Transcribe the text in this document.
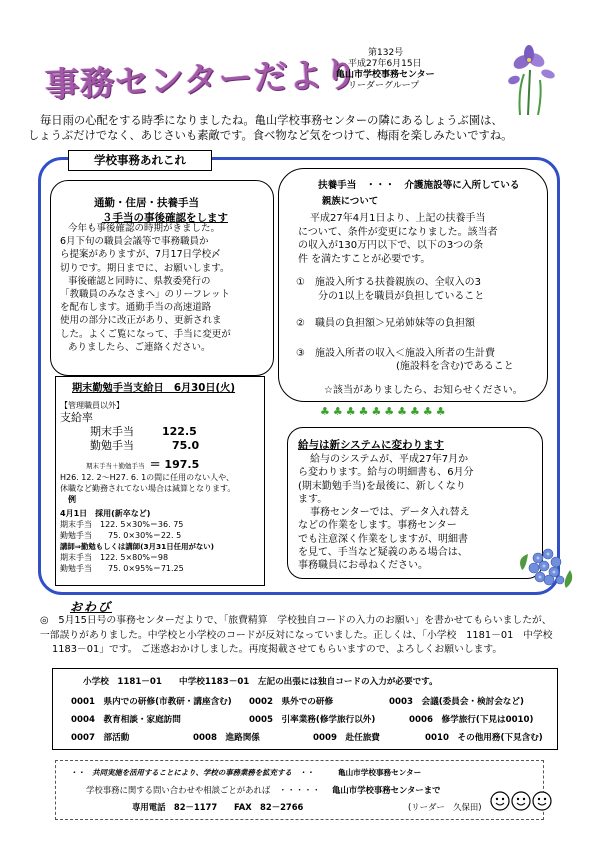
事務センターだより
第132号
平成27年6月15日
亀山市学校事務センター
リーダーグループ
毎日雨の心配をする時季になりましたね。亀山学校事務センターの隣にあるしょうぶ園は、
しょうぶだけでなく、あじさいも素敵です。食べ物など気をつけて、梅雨を楽しみたいですね。
学校事務あれこれ
通勤・住居・扶養手当
３手当の事後確認をします
今年も事後確認の時期がきました。
6月下旬の職員会議等で事務職員か
ら提案がありますが、7月17日学校〆
切りです。期日までに、お願いします。
事後確認と同時に、県教委発行の
「教職員のみなさまへ」のリーフレット
を配布します。通勤手当の高速道路
使用の部分に改正があり、更新されま
した。よくご覧になって、手当に変更が
ありましたら、ご連絡ください。
扶養手当　・・・　介護施設等に入所している
親族について
平成27年4月1日より、上記の扶養手当
について、条件が変更になりました。該当者
の収入が130万円以下で、以下の3つの条
件 を満たすことが必要です。
①　 施設入所する扶養親族の、全収入の3
分の1以上を職員が負担していること
②　 職員の負担額＞兄弟姉妹等の負担額
③　 施設入所者の収入＜施設入所者の生計費
(施設料を含む)であること
☆該当がありましたら、お知らせください。
♣♣♣♣♣♣♣♣♣♣
期末勤勉手当支給日　6月30日(火)
【管理職員以外】
支給率
期末手当	122.5
勤勉手当	75.0
期末手当＋勤勉手当 ＝ 197.5
H26. 12. 2～H27. 6. 1の間に任用のない人や、
休職など勤務されてない場合は減算となります。
例
4月1日　採用(新卒など)
期末手当　122. 5×30%＝36. 75
勤勉手当　　75. 0×30%＝22. 5
講師⇒勤勉もしくは講師(3月31日任用がない)
期末手当　122. 5×80%＝98
勤勉手当　　75. 0×95%＝71.25
給与は新システムに変わります
給与のシステムが、平成27年7月か
ら変わります。給与の明細書も、6月分
(期末勤勉手当)を最後に、新しくなり
ます。
事務センターでは、データ入れ替え
などの作業をします。事務センター
でも注意深く作業をしますが、明細書
を見て、手当など疑義のある場合は、
事務職員にお尋ねください。
おわび
◎　5月15日号の事務センターだよりで、「旅費精算　学校独自コードの入力のお願い」を書かせてもらいましたが、
一部誤りがありました。中学校と小学校のコードが反対になっていました。正しくは、「小学校　1181－01　中学校
1183－01」です。 ご迷惑おかけしました。再度掲載させてもらいますので、よろしくお願いします。
小学校　1181－01　　中学校1183－01　左記の出張には独自コードの入力が必要です。
0001　県内での研修(市教研・講座含む) 0002　県外での研修	0003　会議(委員会・検討会など)
0004　教育相談・家庭訪問	0005　引率業務(修学旅行以外)	0006　修学旅行(下見は0010)
0007　部活動	0008　進路関係	0009　赴任旅費	0010　その他用務(下見含む)
・・　共同実施を活用することにより、学校の事務業務を拡充する　・・	亀山市学校事務センター
学校事務に関する問い合わせや相談ごとがあれば　・・・・・ 亀山市学校事務センターまで
専用電話　82－1177　　FAX　82－2766	(リーダー　久保田)
